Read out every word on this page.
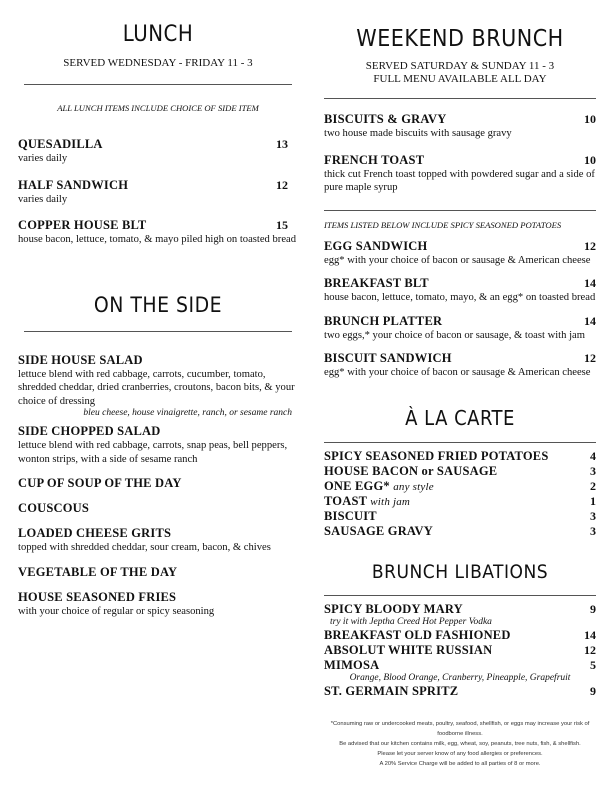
LUNCH
SERVED WEDNESDAY - FRIDAY 11 - 3
ALL LUNCH ITEMS INCLUDE CHOICE OF SIDE ITEM
QUESADILLA	13
varies daily
HALF SANDWICH	12
varies daily
COPPER HOUSE BLT	15
house bacon, lettuce, tomato, & mayo piled high on toasted bread
ON THE SIDE
SIDE HOUSE SALAD
lettuce blend with red cabbage, carrots, cucumber, tomato, shredded cheddar, dried cranberries, croutons, bacon bits, & your choice of dressing
bleu cheese, house vinaigrette, ranch, or sesame ranch
SIDE CHOPPED SALAD
lettuce blend with red cabbage, carrots, snap peas, bell peppers, wonton strips, with a side of sesame ranch
CUP OF SOUP OF THE DAY
COUSCOUS
LOADED CHEESE GRITS
topped with shredded cheddar, sour cream, bacon, & chives
VEGETABLE OF THE DAY
HOUSE SEASONED FRIES
with your choice of regular or spicy seasoning
WEEKEND BRUNCH
SERVED SATURDAY & SUNDAY 11 - 3
FULL MENU AVAILABLE ALL DAY
BISCUITS & GRAVY	10
two house made biscuits with sausage gravy
FRENCH TOAST	10
thick cut French toast topped with powdered sugar and a side of pure maple syrup
ITEMS LISTED BELOW INCLUDE SPICY SEASONED POTATOES
EGG SANDWICH	12
egg* with your choice of bacon or sausage & American cheese
BREAKFAST BLT	14
house bacon, lettuce, tomato, mayo, & an egg* on toasted bread
BRUNCH PLATTER	14
two eggs,* your choice of bacon or sausage, & toast with jam
BISCUIT SANDWICH	12
egg* with your choice of bacon or sausage & American cheese
À LA CARTE
SPICY SEASONED FRIED POTATOES	4
HOUSE BACON or SAUSAGE	3
ONE EGG* any style	2
TOAST with jam	1
BISCUIT	3
SAUSAGE GRAVY	3
BRUNCH LIBATIONS
SPICY BLOODY MARY	9
try it with Jeptha Creed Hot Pepper Vodka
BREAKFAST OLD FASHIONED	14
ABSOLUT WHITE RUSSIAN	12
MIMOSA	5
Orange, Blood Orange, Cranberry, Pineapple, Grapefruit
ST. GERMAIN SPRITZ	9
*Consuming raw or undercooked meats, poultry, seafood, shellfish, or eggs may increase your risk of foodborne illness.
Be advised that our kitchen contains milk, egg, wheat, soy, peanuts, tree nuts, fish, & shellfish.
Please let your server know of any food allergies or preferences.
A 20% Service Charge will be added to all parties of 8 or more.
